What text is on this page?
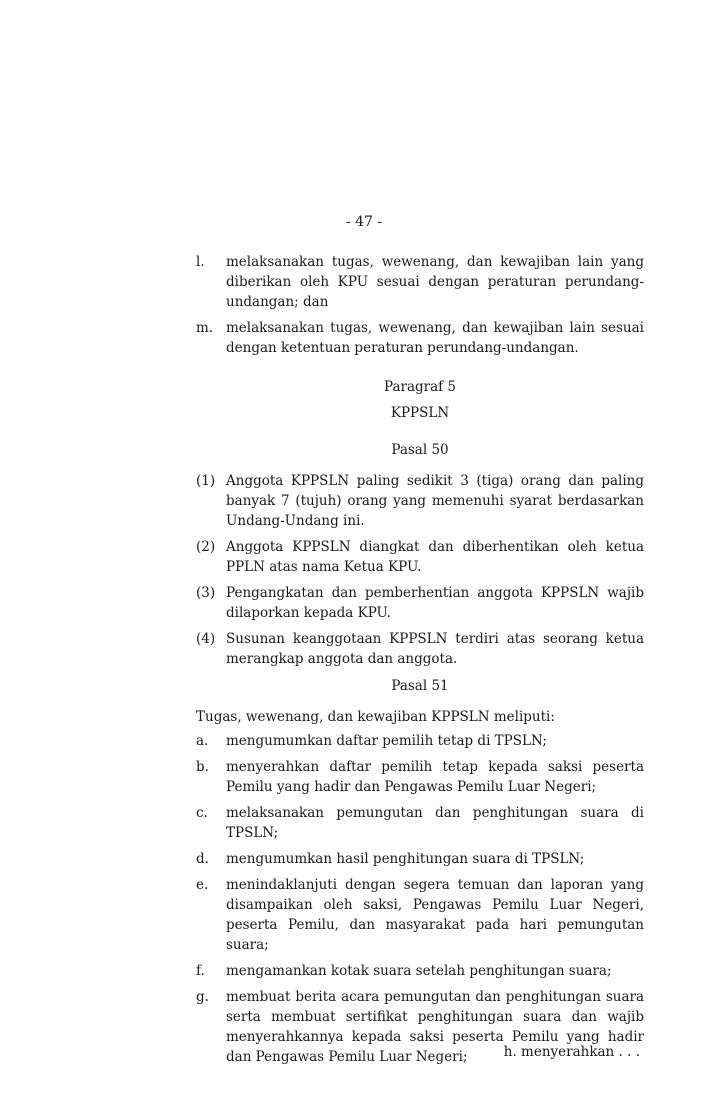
- 47 -
l.	melaksanakan tugas, wewenang, dan kewajiban lain yang diberikan oleh KPU sesuai dengan peraturan perundang-undangan; dan
m. melaksanakan tugas, wewenang, dan kewajiban lain sesuai dengan ketentuan peraturan perundang-undangan.
Paragraf 5
KPPSLN
Pasal 50
(1) Anggota KPPSLN paling sedikit 3 (tiga) orang dan paling banyak 7 (tujuh) orang yang memenuhi syarat berdasarkan Undang-Undang ini.
(2) Anggota KPPSLN diangkat dan diberhentikan oleh ketua PPLN atas nama Ketua KPU.
(3) Pengangkatan dan pemberhentian anggota KPPSLN wajib dilaporkan kepada KPU.
(4) Susunan keanggotaan KPPSLN terdiri atas seorang ketua merangkap anggota dan anggota.
Pasal 51
Tugas, wewenang, dan kewajiban KPPSLN meliputi:
a.	mengumumkan daftar pemilih tetap di TPSLN;
b.	menyerahkan daftar pemilih tetap kepada saksi peserta Pemilu yang hadir dan Pengawas Pemilu Luar Negeri;
c.	melaksanakan pemungutan dan penghitungan suara di TPSLN;
d.	mengumumkan hasil penghitungan suara di TPSLN;
e.	menindaklanjuti dengan segera temuan dan laporan yang disampaikan oleh saksi, Pengawas Pemilu Luar Negeri, peserta Pemilu, dan masyarakat pada hari pemungutan suara;
f.	mengamankan kotak suara setelah penghitungan suara;
g.	membuat berita acara pemungutan dan penghitungan suara serta membuat sertifikat penghitungan suara dan wajib menyerahkannya kepada saksi peserta Pemilu yang hadir dan Pengawas Pemilu Luar Negeri;	h. menyerahkan . . .
